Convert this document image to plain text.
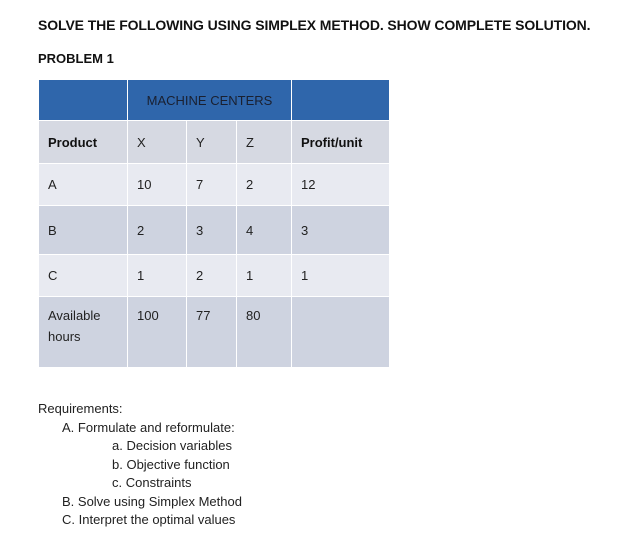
SOLVE THE FOLLOWING USING SIMPLEX METHOD. SHOW COMPLETE SOLUTION.
PROBLEM 1
	MACHINE CENTERS			
Product	X	Y	Z	Profit/unit
A	10	7	2	12
B	2	3	4	3
C	1	2	1	1
Available hours	100	77	80	
Requirements:
A. Formulate and reformulate:
a. Decision variables
b. Objective function
c. Constraints
B. Solve using Simplex Method
C. Interpret the optimal values
